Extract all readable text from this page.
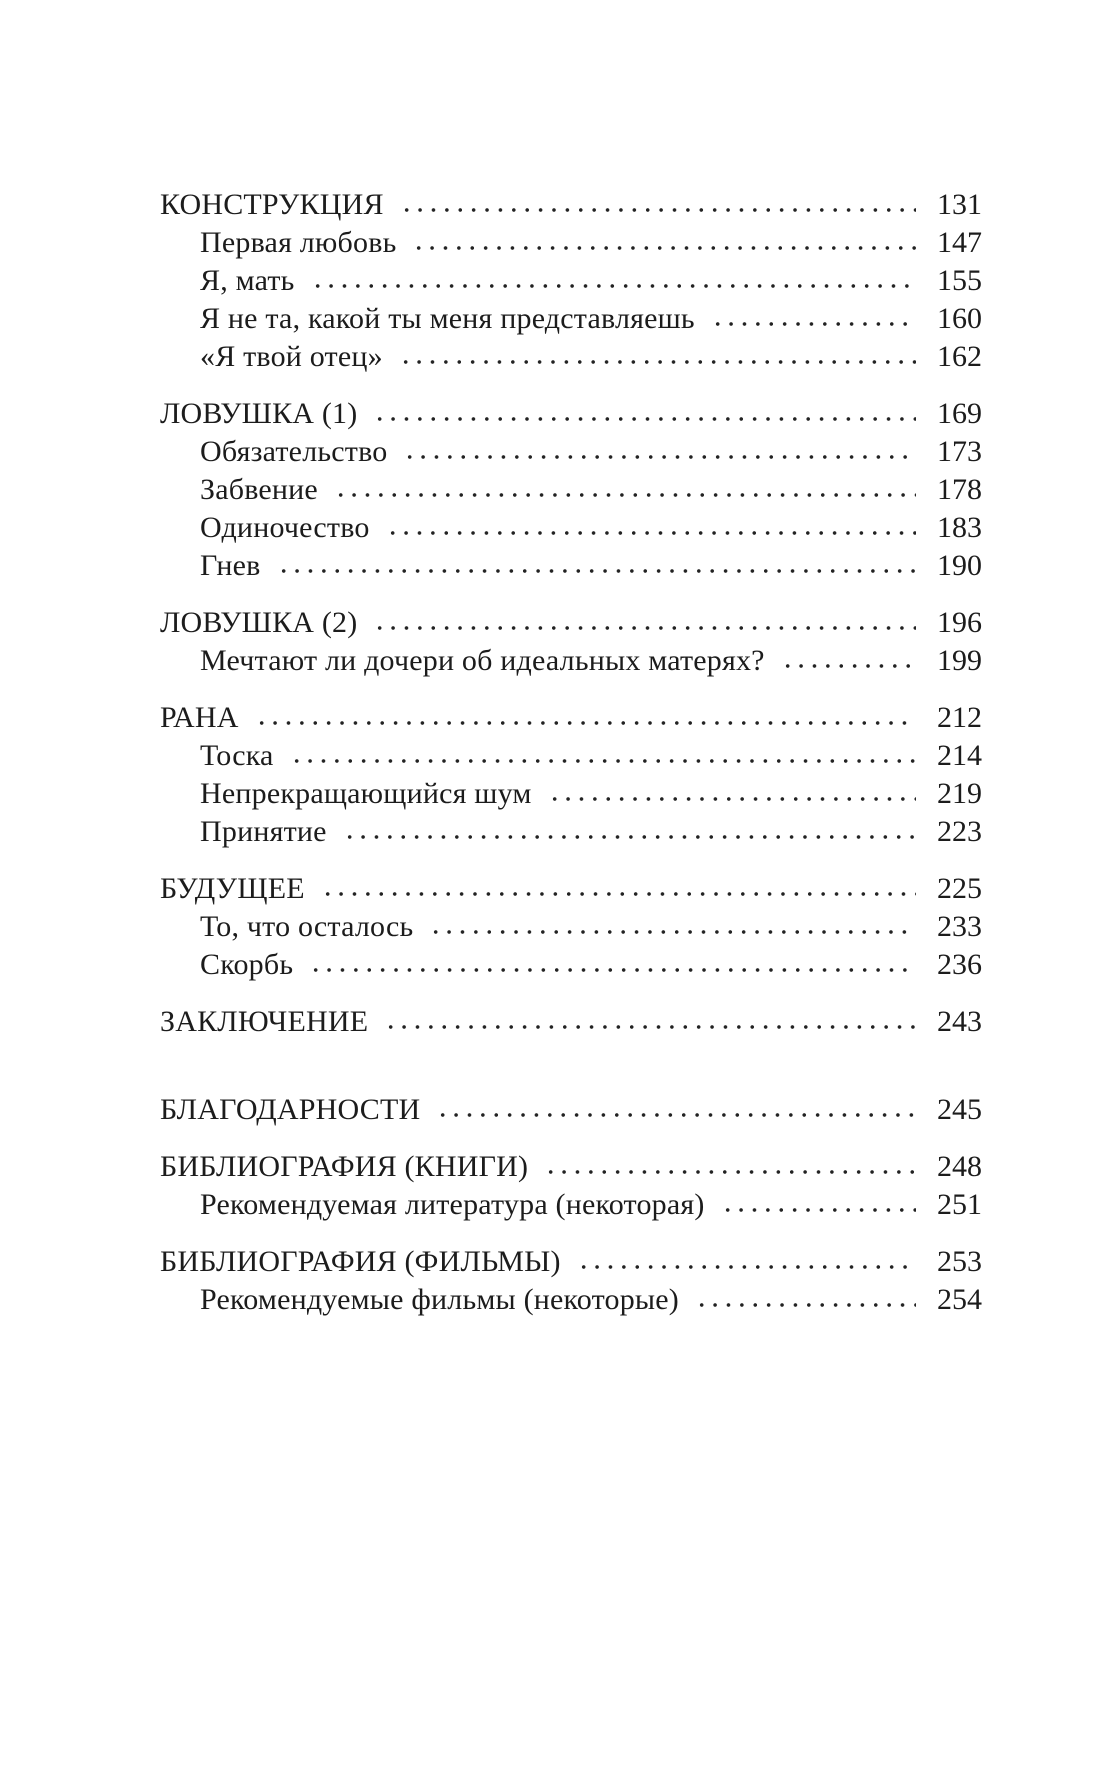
КОНСТРУКЦИЯ	131
Первая любовь	147
Я, мать	155
Я не та, какой ты меня представляешь	160
«Я твой отец»	162
ЛОВУШКА (1)	169
Обязательство	173
Забвение	178
Одиночество	183
Гнев	190
ЛОВУШКА (2)	196
Мечтают ли дочери об идеальных матерях?	199
РАНА	212
Тоска	214
Непрекращающийся шум	219
Принятие	223
БУДУЩЕЕ	225
То, что осталось	233
Скорбь	236
ЗАКЛЮЧЕНИЕ	243
БЛАГОДАРНОСТИ	245
БИБЛИОГРАФИЯ (КНИГИ)	248
Рекомендуемая литература (некоторая)	251
БИБЛИОГРАФИЯ (ФИЛЬМЫ)	253
Рекомендуемые фильмы (некоторые)	254
